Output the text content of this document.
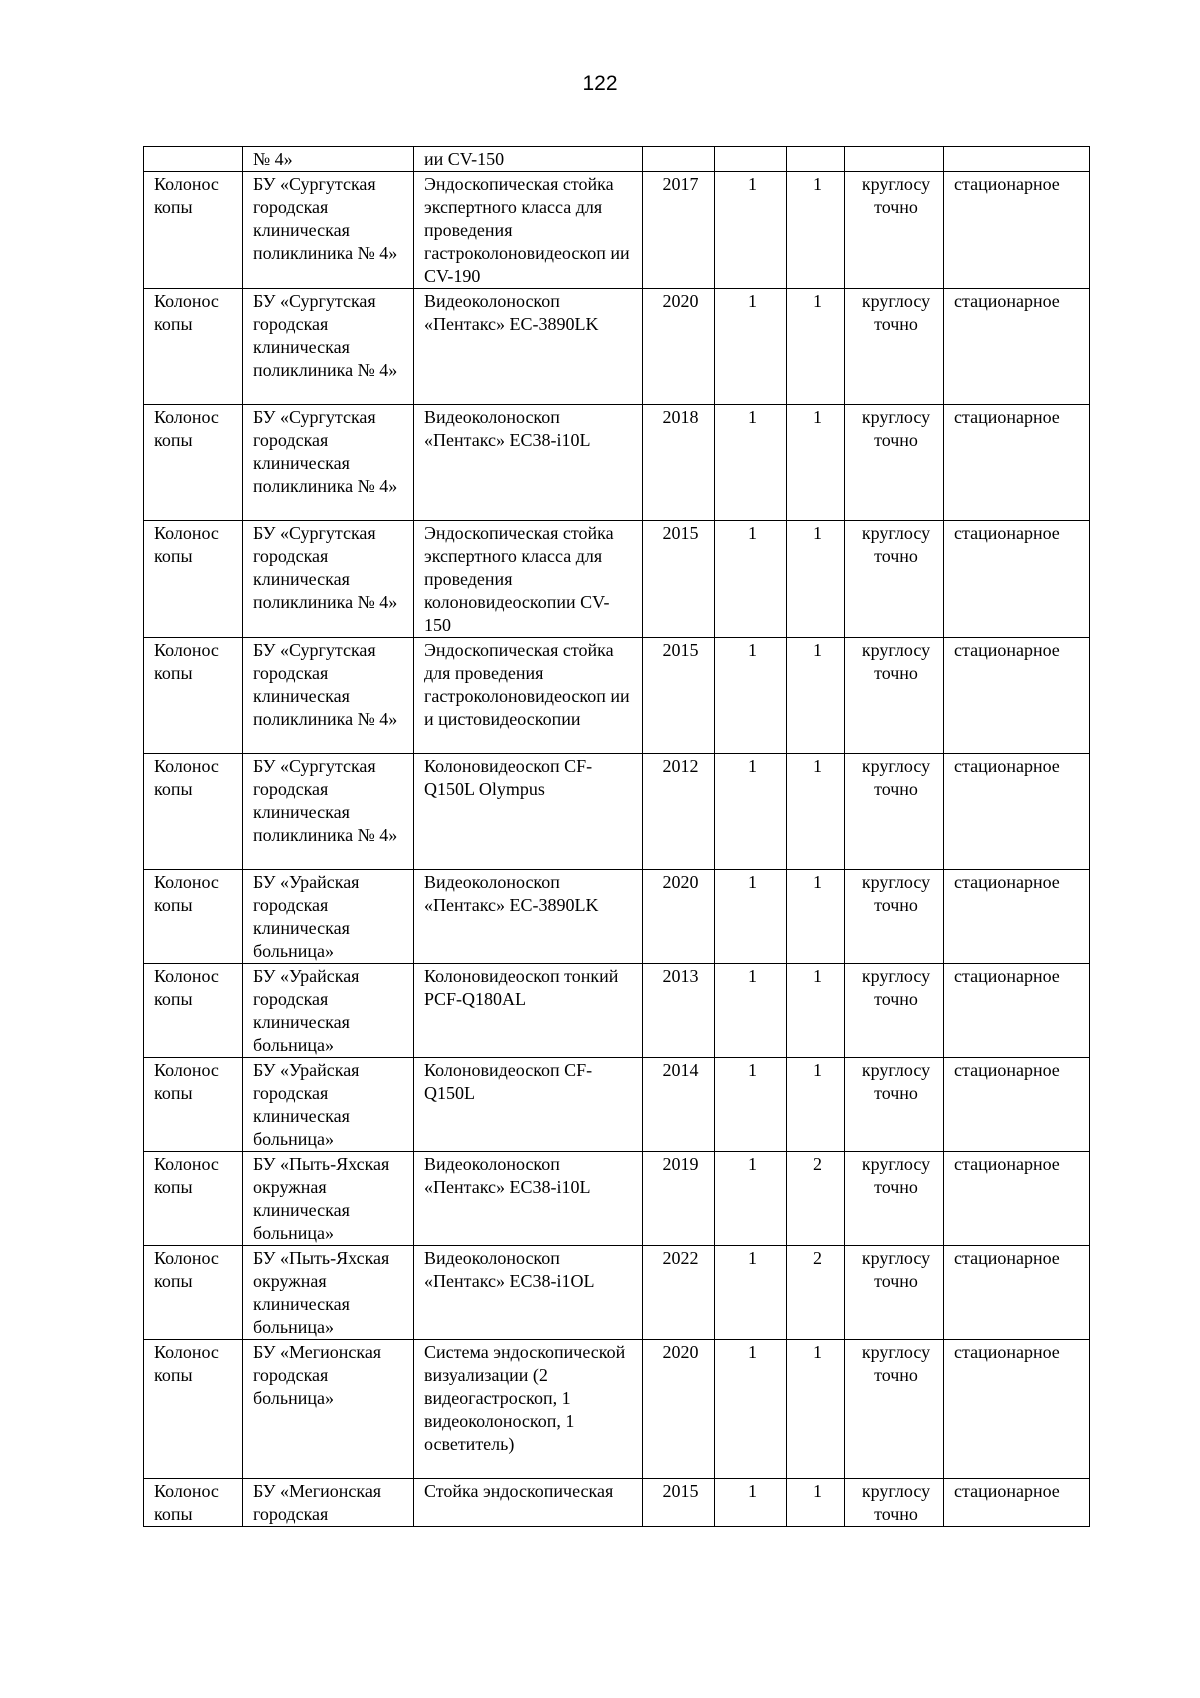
122
	№ 4»	ии CV-150					
Колонос копы	БУ «Сургутская городская клиническая поликлиника № 4»	Эндоскопическая стойка экспертного класса для проведения гастроколоновидеоскоп ии CV-190	2017	1	1	круглосу точно	стационарное
Колонос копы	БУ «Сургутская городская клиническая поликлиника № 4»	Видеоколоноскоп «Пентакс» EC-3890LK	2020	1	1	круглосу точно	стационарное
Колонос копы	БУ «Сургутская городская клиническая поликлиника № 4»	Видеоколоноскоп «Пентакс» EC38-i10L	2018	1	1	круглосу точно	стационарное
Колонос копы	БУ «Сургутская городская клиническая поликлиника № 4»	Эндоскопическая стойка экспертного класса для проведения колоновидеоскопии CV-150	2015	1	1	круглосу точно	стационарное
Колонос копы	БУ «Сургутская городская клиническая поликлиника № 4»	Эндоскопическая стойка для проведения гастроколоновидеоскоп ии и цистовидеоскопии	2015	1	1	круглосу точно	стационарное
Колонос копы	БУ «Сургутская городская клиническая поликлиника № 4»	Колоновидеоскоп CF-Q150L Olympus	2012	1	1	круглосу точно	стационарное
Колонос копы	БУ «Урайская городская клиническая больница»	Видеоколоноскоп «Пентакс» EC-3890LK	2020	1	1	круглосу точно	стационарное
Колонос копы	БУ «Урайская городская клиническая больница»	Колоновидеоскоп тонкий PCF-Q180AL	2013	1	1	круглосу точно	стационарное
Колонос копы	БУ «Урайская городская клиническая больница»	Колоновидеоскоп CF-Q150L	2014	1	1	круглосу точно	стационарное
Колонос копы	БУ «Пыть-Яхская окружная клиническая больница»	Видеоколоноскоп «Пентакс» EC38-i10L	2019	1	2	круглосу точно	стационарное
Колонос копы	БУ «Пыть-Яхская окружная клиническая больница»	Видеоколоноскоп «Пентакс» EC38-i1OL	2022	1	2	круглосу точно	стационарное
Колонос копы	БУ «Мегионская городская больница»	Система эндоскопической визуализации (2 видеогастроскоп, 1 видеоколоноскоп, 1 осветитель)	2020	1	1	круглосу точно	стационарное
Колонос копы	БУ «Мегионская городская	Стойка эндоскопическая	2015	1	1	круглосу точно	стационарное
